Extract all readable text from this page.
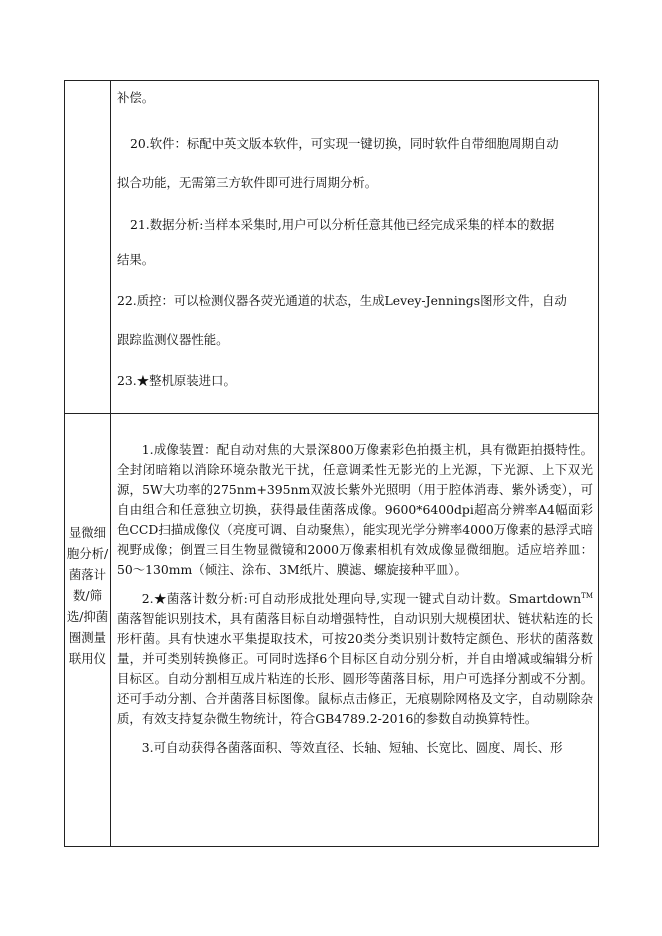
补偿。

20.软件：标配中英文版本软件，可实现一键切换，同时软件自带细胞周期自动

拟合功能，无需第三方软件即可进行周期分析。

21.数据分析:当样本采集时,用户可以分析任意其他已经完成采集的样本的数据

结果。

22.质控：可以检测仪器各荧光通道的状态，生成Levey-Jennings图形文件，自动

跟踪监测仪器性能。

23.★整机原装进口。

显微细胞分析/菌落计数/筛选/抑菌圈测量联用仪

1.成像装置：配自动对焦的大景深800万像素彩色拍摄主机，具有微距拍摄特性。全封闭暗箱以消除环境杂散光干扰，任意调柔性无影光的上光源，下光源、上下双光源，5W大功率的275nm+395nm双波长紫外光照明（用于腔体消毒、紫外诱变），可自由组合和任意独立切换，获得最佳菌落成像。9600*6400dpi超高分辨率A4幅面彩色CCD扫描成像仪（亮度可调、自动聚焦），能实现光学分辨率4000万像素的悬浮式暗视野成像；倒置三目生物显微镜和2000万像素相机有效成像显微细胞。适应培养皿：50～130mm（倾注、涂布、3M纸片、膜滤、螺旋接种平皿）。

2.★菌落计数分析:可自动形成批处理向导,实现一键式自动计数。Smartdown™菌落智能识别技术，具有菌落目标自动增强特性，自动识别大规模团状、链状粘连的长形杆菌。具有快速水平集提取技术，可按20类分类识别计数特定颜色、形状的菌落数量，并可类别转换修正。可同时选择6个目标区自动分别分析，并自由增减或编辑分析目标区。自动分割相互成片粘连的长形、圆形等菌落目标，用户可选择分割或不分割。还可手动分割、合并菌落目标图像。鼠标点击修正，无痕剔除网格及文字，自动剔除杂质，有效支持复杂微生物统计，符合GB4789.2-2016的参数自动换算特性。

3.可自动获得各菌落面积、等效直径、长轴、短轴、长宽比、圆度、周长、形
